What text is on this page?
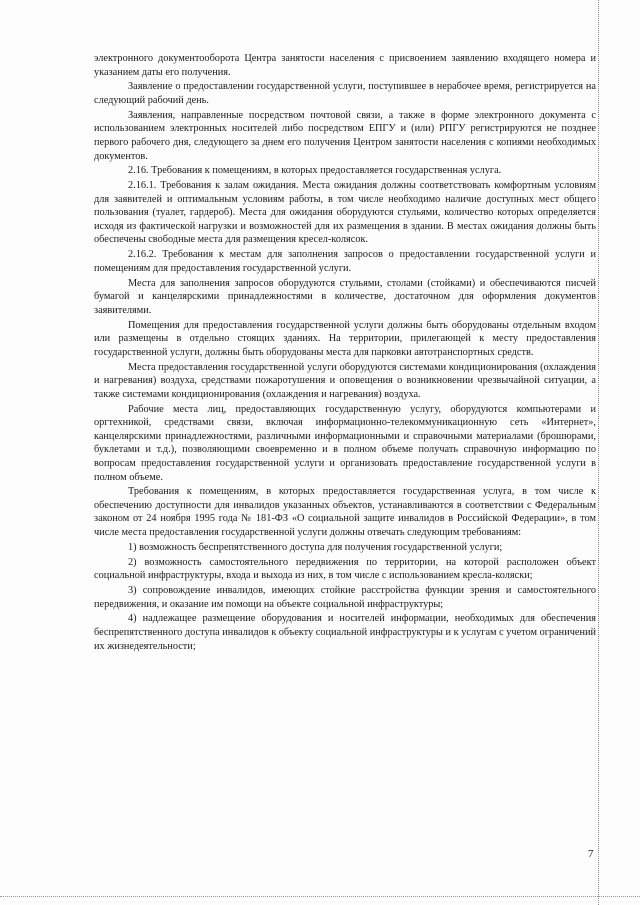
электронного документооборота Центра занятости населения с присвоением заявлению входящего номера и указанием даты его получения.

Заявление о предоставлении государственной услуги, поступившее в нерабочее время, регистрируется на следующий рабочий день.

Заявления, направленные посредством почтовой связи, а также в форме электронного документа с использованием электронных носителей либо посредством ЕПГУ и (или) РПГУ регистрируются не позднее первого рабочего дня, следующего за днем его получения Центром занятости населения с копиями необходимых документов.

2.16. Требования к помещениям, в которых предоставляется государственная услуга.

2.16.1. Требования к залам ожидания. Места ожидания должны соответствовать комфортным условиям для заявителей и оптимальным условиям работы, в том числе необходимо наличие доступных мест общего пользования (туалет, гардероб). Места для ожидания оборудуются стульями, количество которых определяется исходя из фактической нагрузки и возможностей для их размещения в здании. В местах ожидания должны быть обеспечены свободные места для размещения кресел-колясок.

2.16.2. Требования к местам для заполнения запросов о предоставлении государственной услуги и помещениям для предоставления государственной услуги.

Места для заполнения запросов оборудуются стульями, столами (стойками) и обеспечиваются писчей бумагой и канцелярскими принадлежностями в количестве, достаточном для оформления документов заявителями.

Помещения для предоставления государственной услуги должны быть оборудованы отдельным входом или размещены в отдельно стоящих зданиях. На территории, прилегающей к месту предоставления государственной услуги, должны быть оборудованы места для парковки автотранспортных средств.

Места предоставления государственной услуги оборудуются системами кондиционирования (охлаждения и нагревания) воздуха, средствами пожаротушения и оповещения о возникновении чрезвычайной ситуации, а также системами кондиционирования (охлаждения и нагревания) воздуха.

Рабочие места лиц, предоставляющих государственную услугу, оборудуются компьютерами и оргтехникой, средствами связи, включая информационно-телекоммуникационную сеть «Интернет», канцелярскими принадлежностями, различными информационными и справочными материалами (брошюрами, буклетами и т.д.), позволяющими своевременно и в полном объеме получать справочную информацию по вопросам предоставления государственной услуги и организовать предоставление государственной услуги в полном объеме.

Требования к помещениям, в которых предоставляется государственная услуга, в том числе к обеспечению доступности для инвалидов указанных объектов, устанавливаются в соответствии с Федеральным законом от 24 ноября 1995 года № 181-ФЗ «О социальной защите инвалидов в Российской Федерации», в том числе места предоставления государственной услуги должны отвечать следующим требованиям:

1) возможность беспрепятственного доступа для получения государственной услуги;

2) возможность самостоятельного передвижения по территории, на которой расположен объект социальной инфраструктуры, входа и выхода из них, в том числе с использованием кресла-коляски;

3) сопровождение инвалидов, имеющих стойкие расстройства функции зрения и самостоятельного передвижения, и оказание им помощи на объекте социальной инфраструктуры;

4) надлежащее размещение оборудования и носителей информации, необходимых для обеспечения беспрепятственного доступа инвалидов к объекту социальной инфраструктуры и к услугам с учетом ограничений их жизнедеятельности;

7
